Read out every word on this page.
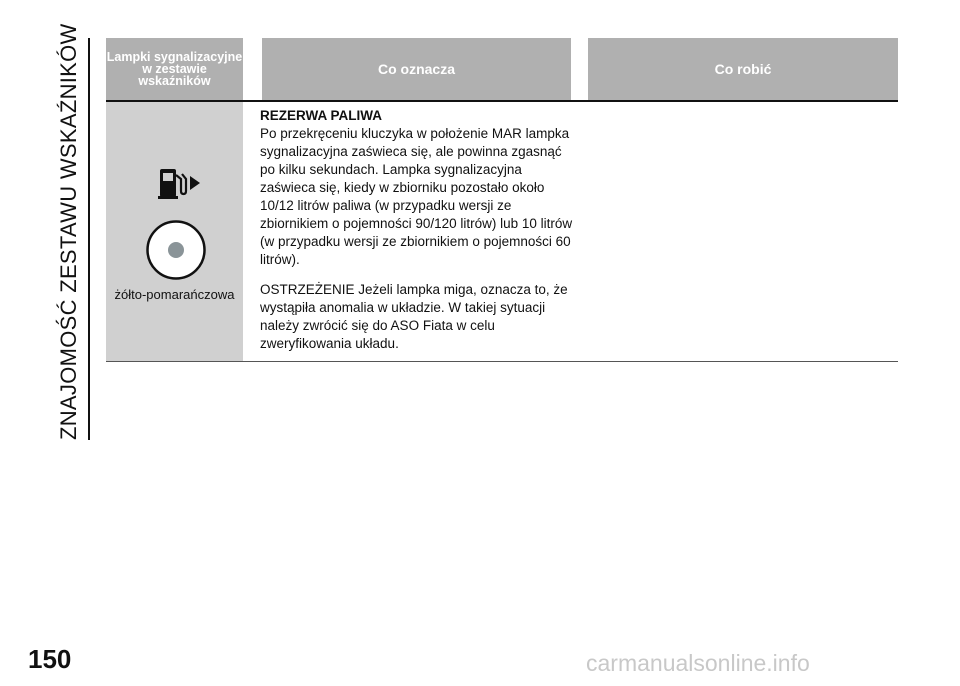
ZNAJOMOŚĆ ZESTAWU WSKAŹNIKÓW Lampki sygnalizacyjne w zestawie wskaźników
Co oznacza	Co robić
żółto-pomarańczowa
REZERWA PALIWA

Po przekręceniu kluczyka w położenie MAR lampka sygnalizacyjna zaświeca się, ale powinna zgasnąć po kilku sekundach. Lampka sygnalizacyjna zaświeca się, kiedy w zbiorniku pozostało około 10/12 litrów paliwa (w przypadku wersji ze zbiornikiem o pojemności 90/120 litrów) lub 10 litrów (w przypadku wersji ze zbiornikiem o pojemności 60 litrów).

OSTRZEŻENIE Jeżeli lampka miga, oznacza to, że wystąpiła anomalia w układzie. W takiej sytuacji należy zwrócić się do ASO Fiata w celu zweryfikowania układu.

150	carmanualsonline.info
